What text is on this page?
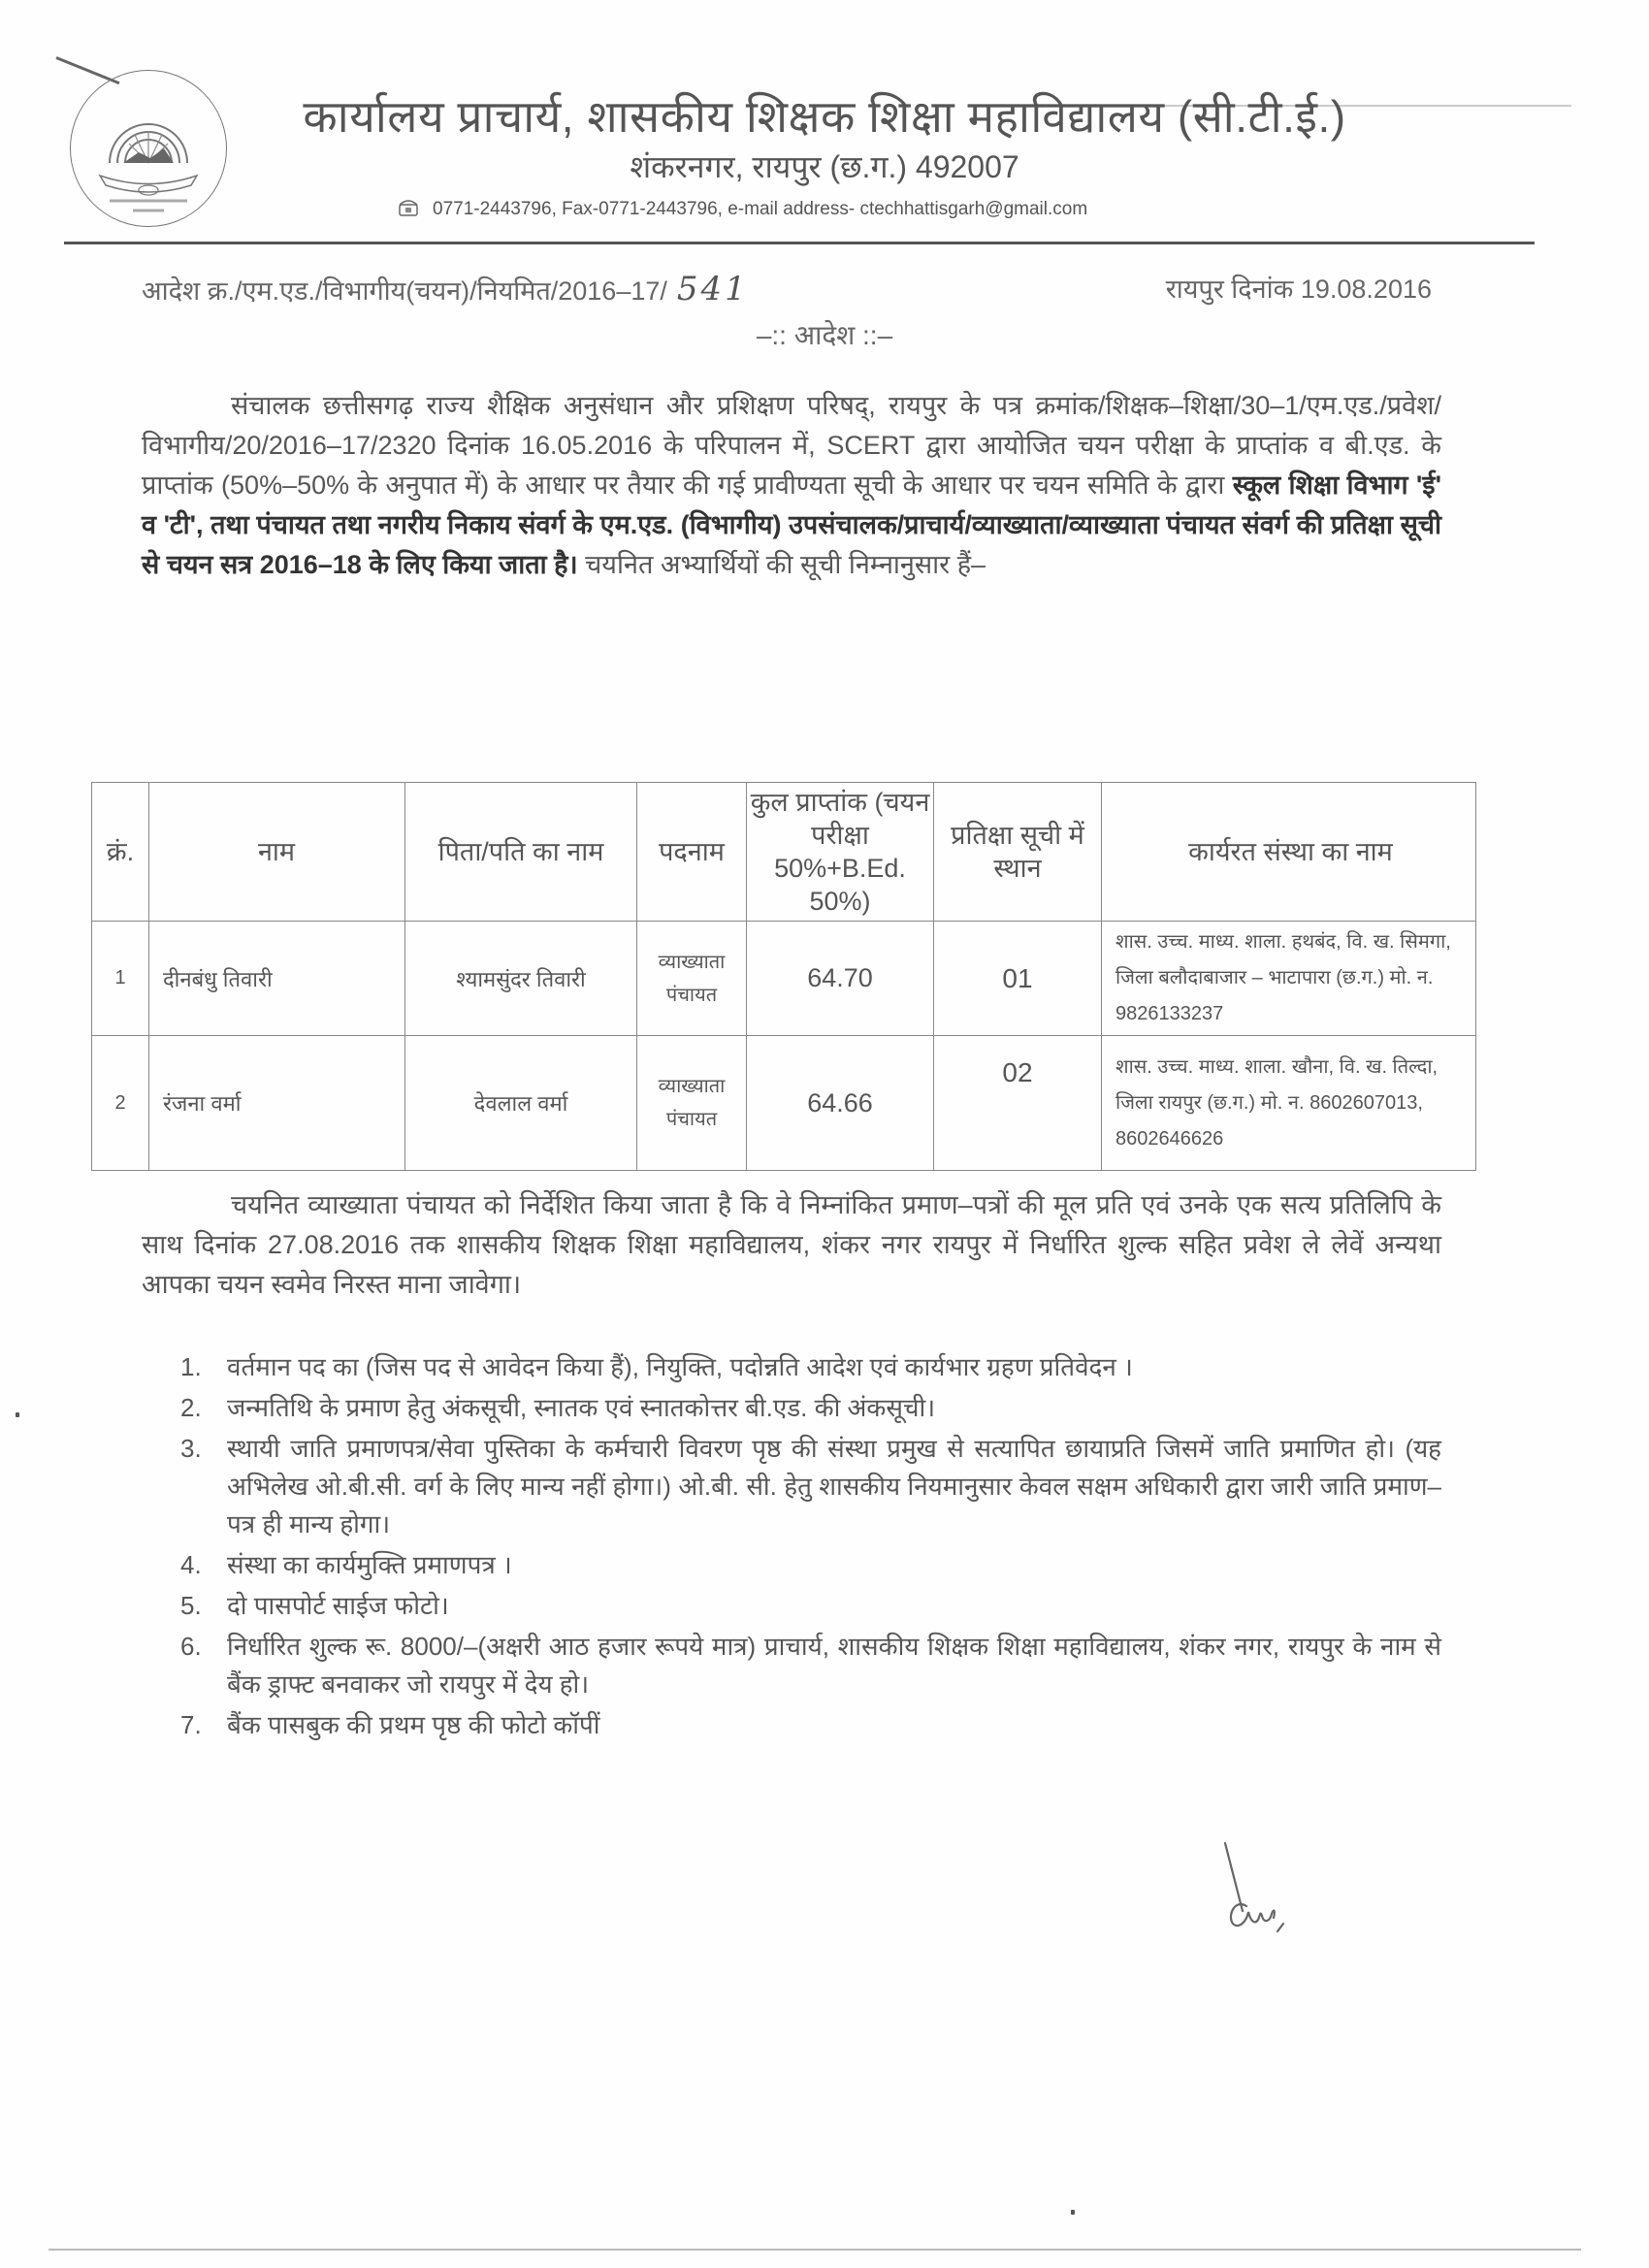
कार्यालय प्राचार्य, शासकीय शिक्षक शिक्षा महाविद्यालय (सी.टी.ई.)
शंकरनगर, रायपुर (छ.ग.) 492007
0771-2443796, Fax-0771-2443796, e-mail address- ctechhattisgarh@gmail.com
आदेश क्र./एम.एड./विभागीय(चयन)/नियमित/2016–17/ 541	रायपुर दिनांक 19.08.2016
–:: आदेश ::–

संचालक छत्तीसगढ़ राज्य शैक्षिक अनुसंधान और प्रशिक्षण परिषद्, रायपुर के पत्र क्रमांक/शिक्षक–शिक्षा/30–1/एम.एड./प्रवेश/विभागीय/20/2016–17/2320 दिनांक 16.05.2016 के परिपालन में, SCERT द्वारा आयोजित चयन परीक्षा के प्राप्तांक व बी.एड. के प्राप्तांक (50%–50% के अनुपात में) के आधार पर तैयार की गई प्रावीण्यता सूची के आधार पर चयन समिति के द्वारा स्कूल शिक्षा विभाग 'ई' व 'टी', तथा पंचायत तथा नगरीय निकाय संवर्ग के एम.एड. (विभागीय) उपसंचालक/प्राचार्य/व्याख्याता/व्याख्याता पंचायत संवर्ग की प्रतिक्षा सूची से चयन सत्र 2016–18 के लिए किया जाता है। चयनित अभ्यार्थियों की सूची निम्नानुसार हैं–

क्रं.	नाम	पिता/पति का नाम	पदनाम	कुल प्राप्तांक (चयन परीक्षा 50%+B.Ed. 50%)	प्रतिक्षा सूची में स्थान	कार्यरत संस्था का नाम
1	दीनबंधु तिवारी	श्यामसुंदर तिवारी	व्याख्याता पंचायत	64.70	01	शास. उच्च. माध्य. शाला. हथबंद, वि. ख. सिमगा, जिला बलौदाबाजार – भाटापारा (छ.ग.) मो. न. 9826133237
2	रंजना वर्मा	देवलाल वर्मा	व्याख्याता पंचायत	64.66	02	शास. उच्च. माध्य. शाला. खौना, वि. ख. तिल्दा, जिला रायपुर (छ.ग.) मो. न. 8602607013, 8602646626

चयनित व्याख्याता पंचायत को निर्देशित किया जाता है कि वे निम्नांकित प्रमाण–पत्रों की मूल प्रति एवं उनके एक सत्य प्रतिलिपि के साथ दिनांक 27.08.2016 तक शासकीय शिक्षक शिक्षा महाविद्यालय, शंकर नगर रायपुर में निर्धारित शुल्क सहित प्रवेश ले लेवें अन्यथा आपका चयन स्वमेव निरस्त माना जावेगा।

1. वर्तमान पद का (जिस पद से आवेदन किया हैं), नियुक्ति, पदोन्नति आदेश एवं कार्यभार ग्रहण प्रतिवेदन ।
2. जन्मतिथि के प्रमाण हेतु अंकसूची, स्नातक एवं स्नातकोत्तर बी.एड. की अंकसूची।
3. स्थायी जाति प्रमाणपत्र/सेवा पुस्तिका के कर्मचारी विवरण पृष्ठ की संस्था प्रमुख से सत्यापित छायाप्रति जिसमें जाति प्रमाणित हो। (यह अभिलेख ओ.बी.सी. वर्ग के लिए मान्य नहीं होगा।) ओ.बी. सी. हेतु शासकीय नियमानुसार केवल सक्षम अधिकारी द्वारा जारी जाति प्रमाण–पत्र ही मान्य होगा।
4. संस्था का कार्यमुक्ति प्रमाणपत्र ।
5. दो पासपोर्ट साईज फोटो।
6. निर्धारित शुल्क रू. 8000/–(अक्षरी आठ हजार रूपये मात्र) प्राचार्य, शासकीय शिक्षक शिक्षा महाविद्यालय, शंकर नगर, रायपुर के नाम से बैंक ड्राफ्ट बनवाकर जो रायपुर में देय हो।
7. बैंक पासबुक की प्रथम पृष्ठ की फोटो कॉपीं
